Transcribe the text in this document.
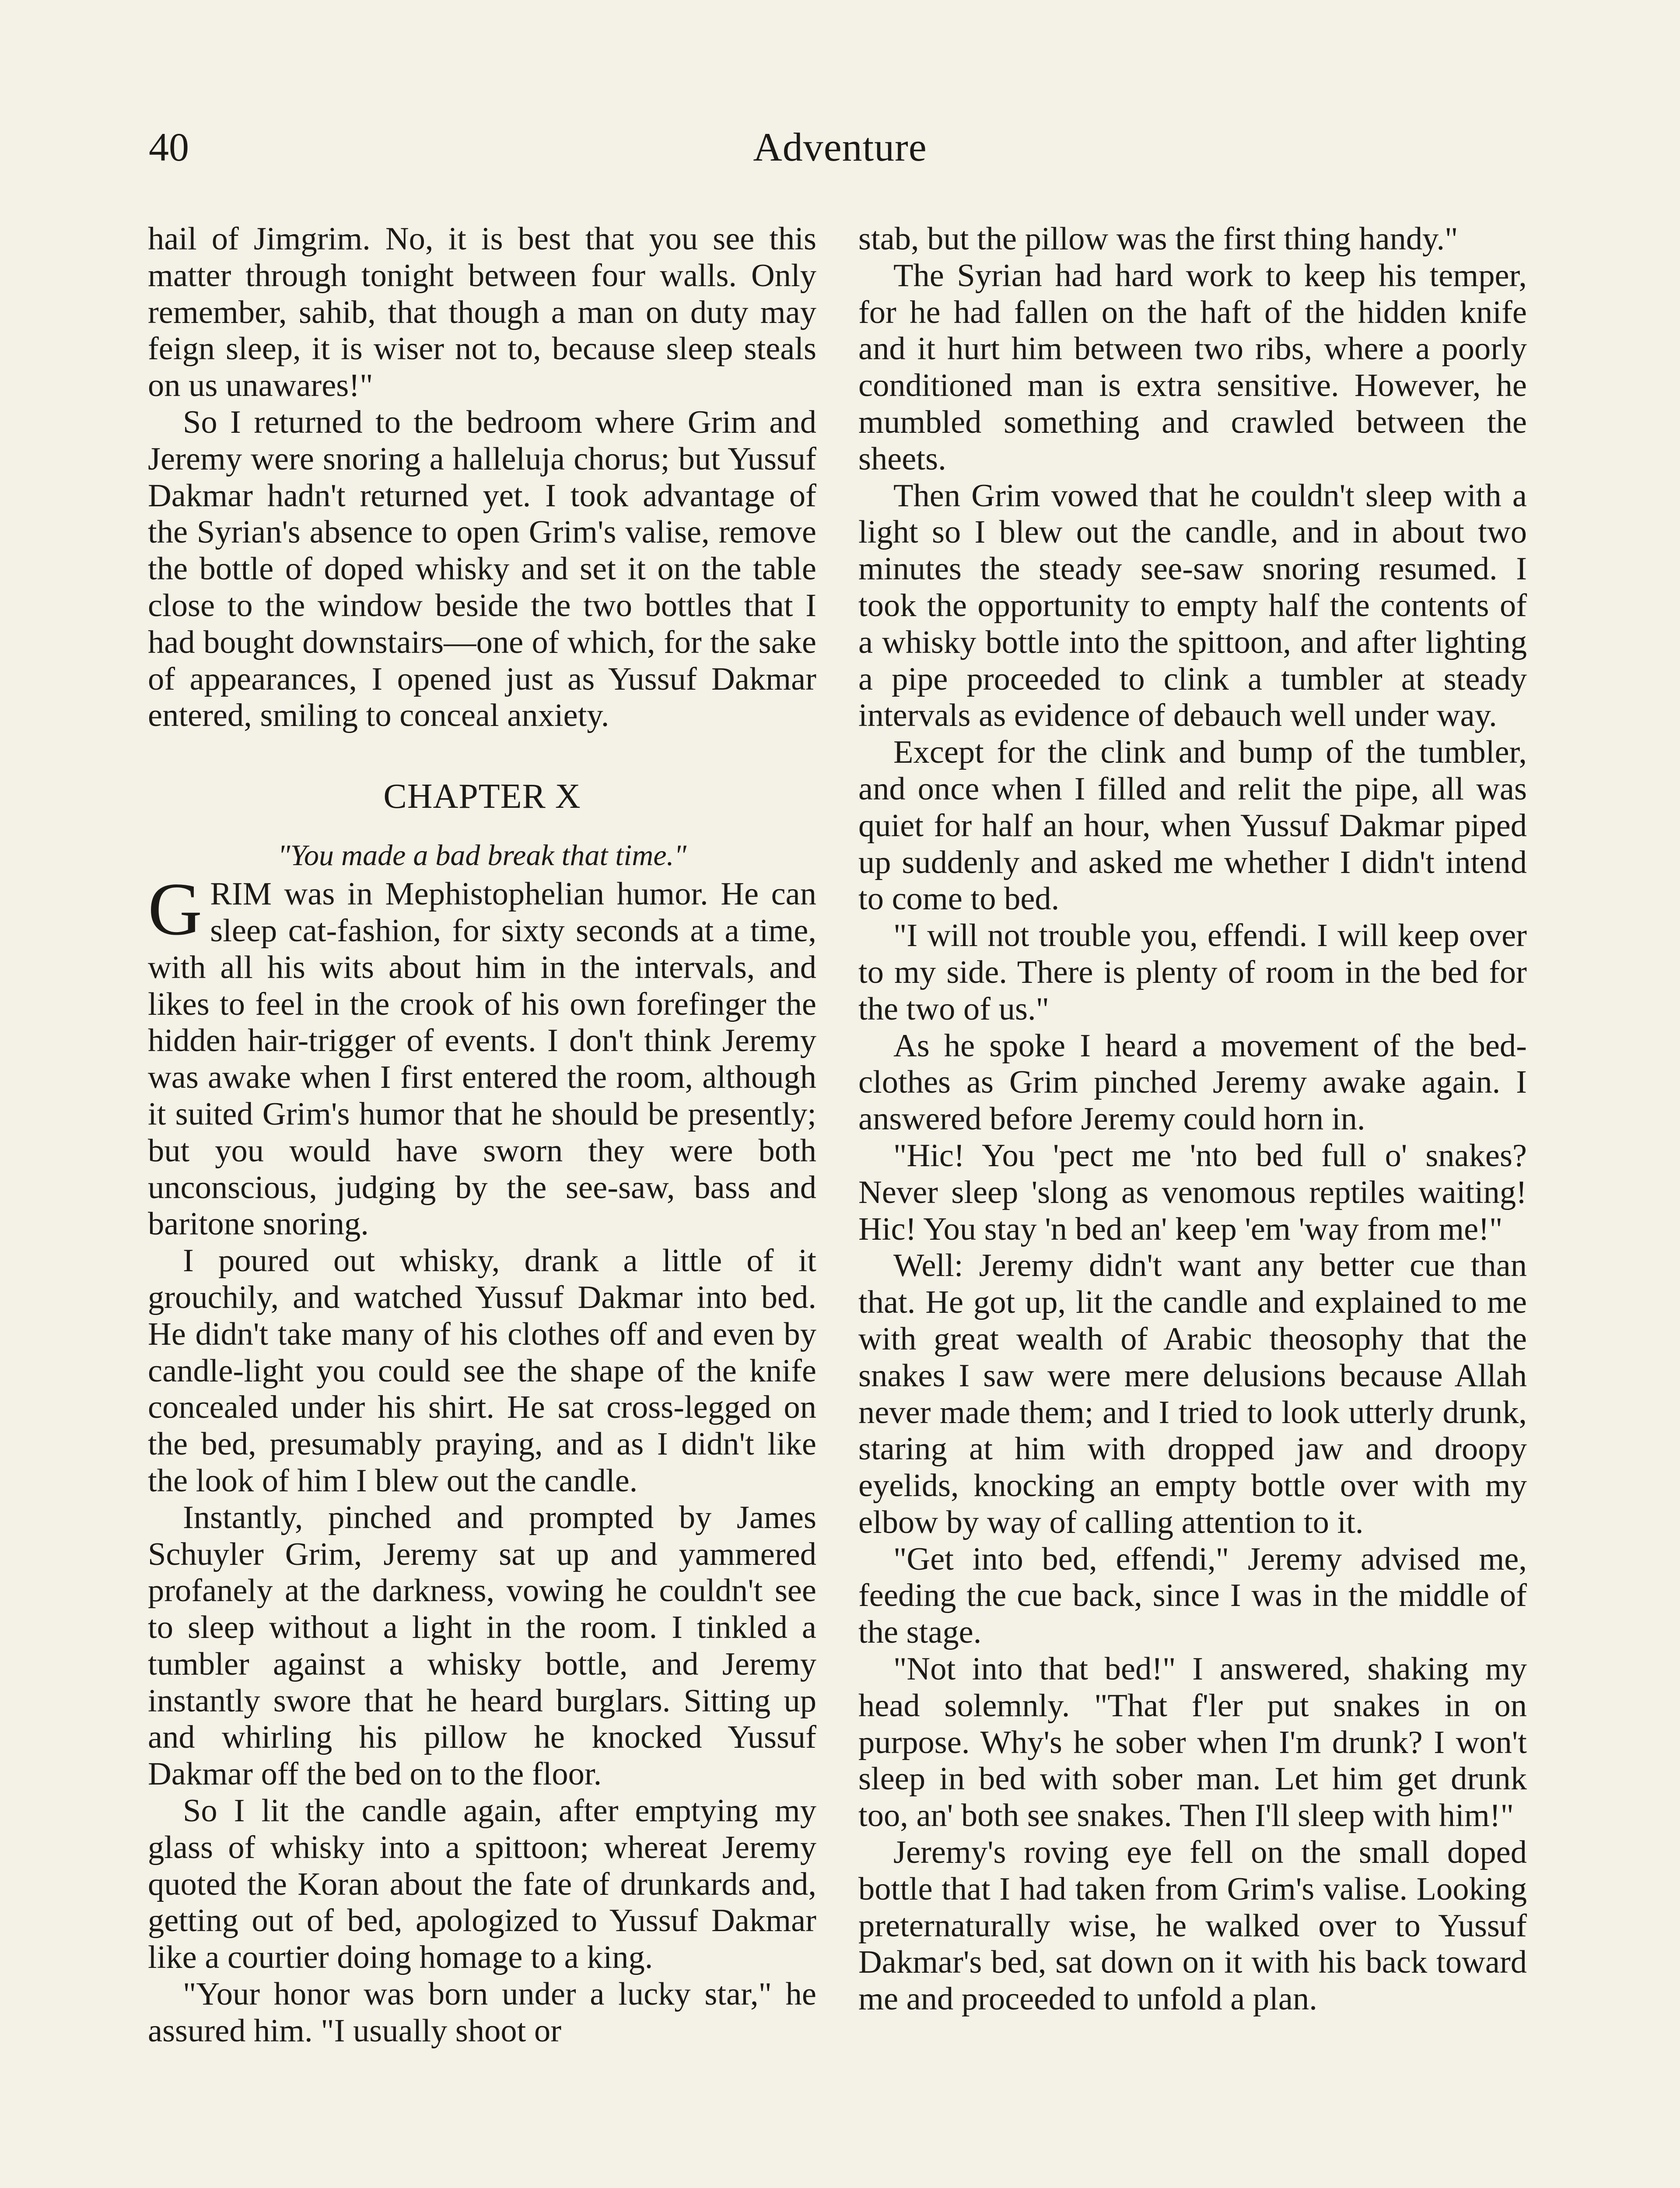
40	Adventure

hail of Jimgrim. No, it is best that you see this matter through tonight between four walls. Only remember, sahib, that though a man on duty may feign sleep, it is wiser not to, because sleep steals on us unawares!"

So I returned to the bedroom where Grim and Jeremy were snoring a halleluja chorus; but Yussuf Dakmar hadn't returned yet. I took advantage of the Syrian's absence to open Grim's valise, remove the bottle of doped whisky and set it on the table close to the window beside the two bottles that I had bought downstairs—one of which, for the sake of appearances, I opened just as Yussuf Dakmar entered, smiling to conceal anxiety.

CHAPTER X
"You made a bad break that time."

GRIM was in Mephistophelian humor. He can sleep cat-fashion, for sixty seconds at a time, with all his wits about him in the intervals, and likes to feel in the crook of his own forefinger the hidden hair-trigger of events. I don't think Jeremy was awake when I first entered the room, although it suited Grim's humor that he should be presently; but you would have sworn they were both unconscious, judging by the see-saw, bass and baritone snoring.

I poured out whisky, drank a little of it grouchily, and watched Yussuf Dakmar into bed. He didn't take many of his clothes off and even by candle-light you could see the shape of the knife concealed under his shirt. He sat cross-legged on the bed, presumably praying, and as I didn't like the look of him I blew out the candle.

Instantly, pinched and prompted by James Schuyler Grim, Jeremy sat up and yammered profanely at the darkness, vowing he couldn't see to sleep without a light in the room. I tinkled a tumbler against a whisky bottle, and Jeremy instantly swore that he heard burglars. Sitting up and whirling his pillow he knocked Yussuf Dakmar off the bed on to the floor.

So I lit the candle again, after emptying my glass of whisky into a spittoon; whereat Jeremy quoted the Koran about the fate of drunkards and, getting out of bed, apologized to Yussuf Dakmar like a courtier doing homage to a king.

"Your honor was born under a lucky star," he assured him. "I usually shoot or

stab, but the pillow was the first thing handy."

The Syrian had hard work to keep his temper, for he had fallen on the haft of the hidden knife and it hurt him between two ribs, where a poorly conditioned man is extra sensitive. However, he mumbled something and crawled between the sheets.

Then Grim vowed that he couldn't sleep with a light so I blew out the candle, and in about two minutes the steady see-saw snoring resumed. I took the opportunity to empty half the contents of a whisky bottle into the spittoon, and after lighting a pipe proceeded to clink a tumbler at steady intervals as evidence of debauch well under way.

Except for the clink and bump of the tumbler, and once when I filled and relit the pipe, all was quiet for half an hour, when Yussuf Dakmar piped up suddenly and asked me whether I didn't intend to come to bed.

"I will not trouble you, effendi. I will keep over to my side. There is plenty of room in the bed for the two of us."

As he spoke I heard a movement of the bed-clothes as Grim pinched Jeremy awake again. I answered before Jeremy could horn in.

"Hic! You 'pect me 'nto bed full o' snakes? Never sleep 'slong as venomous reptiles waiting! Hic! You stay 'n bed an' keep 'em 'way from me!"

Well: Jeremy didn't want any better cue than that. He got up, lit the candle and explained to me with great wealth of Arabic theosophy that the snakes I saw were mere delusions because Allah never made them; and I tried to look utterly drunk, staring at him with dropped jaw and droopy eyelids, knocking an empty bottle over with my elbow by way of calling attention to it.

"Get into bed, effendi," Jeremy advised me, feeding the cue back, since I was in the middle of the stage.

"Not into that bed!" I answered, shaking my head solemnly. "That f'ler put snakes in on purpose. Why's he sober when I'm drunk? I won't sleep in bed with sober man. Let him get drunk too, an' both see snakes. Then I'll sleep with him!"

Jeremy's roving eye fell on the small doped bottle that I had taken from Grim's valise. Looking preternaturally wise, he walked over to Yussuf Dakmar's bed, sat down on it with his back toward me and proceeded to unfold a plan.
